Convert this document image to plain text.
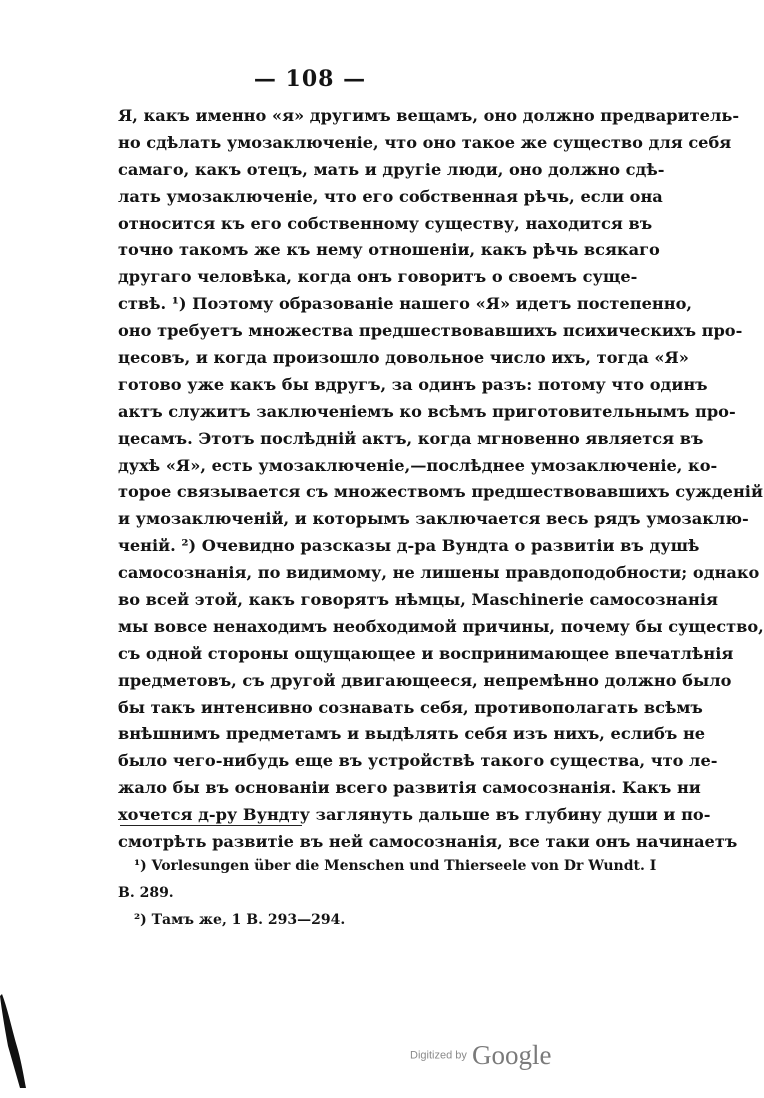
— 108 —
Я, какъ именно «я» другимъ вещамъ, оно должно предваритель-
но сдѣлать умозаключенiе, что оно такое же существо для себя
самаго, какъ отецъ, мать и другiе люди, оно должно сдѣ-
лать умозаключенiе, что его собственная рѣчь, если она
относится къ его собственному существу, находится въ
точно такомъ же къ нему отношенiи, какъ рѣчь всякаго
другаго человѣка, когда онъ говоритъ о своемъ суще-
ствѣ. ¹) Поэтому образованiе нашего «Я» идетъ постепенно,
оно требуетъ множества предшествовавшихъ психическихъ про-
цесовъ, и когда произошло довольное число ихъ, тогда «Я»
готово уже какъ бы вдругъ, за одинъ разъ: потому что одинъ
актъ служитъ заключенiемъ ко всѣмъ приготовительнымъ про-
цесамъ. Этотъ послѣднiй актъ, когда мгновенно является въ
духѣ «Я», есть умозаключенiе,—послѣднее умозаключенiе, ко-
торое связывается съ множествомъ предшествовавшихъ сужденiй
и умозаключенiй, и которымъ заключается весь рядъ умозаклю-
ченiй. ²) Очевидно разсказы д-ра Вундта о развитiи въ душѣ
самосознанiя, по видимому, не лишены правдоподобности; однако
во всей этой, какъ говорятъ нѣмцы, Maschinerie самосознанiя
мы вовсе ненаходимъ необходимой причины, почему бы существо,
съ одной стороны ощущающее и воспринимающее впечатлѣнiя
предметовъ, съ другой двигающееся, непремѣнно должно было
бы такъ интенсивно сознавать себя, противополагать всѣмъ
внѣшнимъ предметамъ и выдѣлять себя изъ нихъ, еслибъ не
было чего-нибудь еще въ устройствѣ такого существа, что ле-
жало бы въ основанiи всего развитiя самосознанiя. Какъ ни
хочется д-ру Вундту заглянуть дальше въ глубину души и по-
смотрѣть развитiе въ ней самосознанiя, все таки онъ начинаетъ
¹) Vorlesungen über die Menschen und Thierseele von Dr Wundt. I
B. 289.
²) Тамъ же, 1 B. 293—294.
Digitized by Google
